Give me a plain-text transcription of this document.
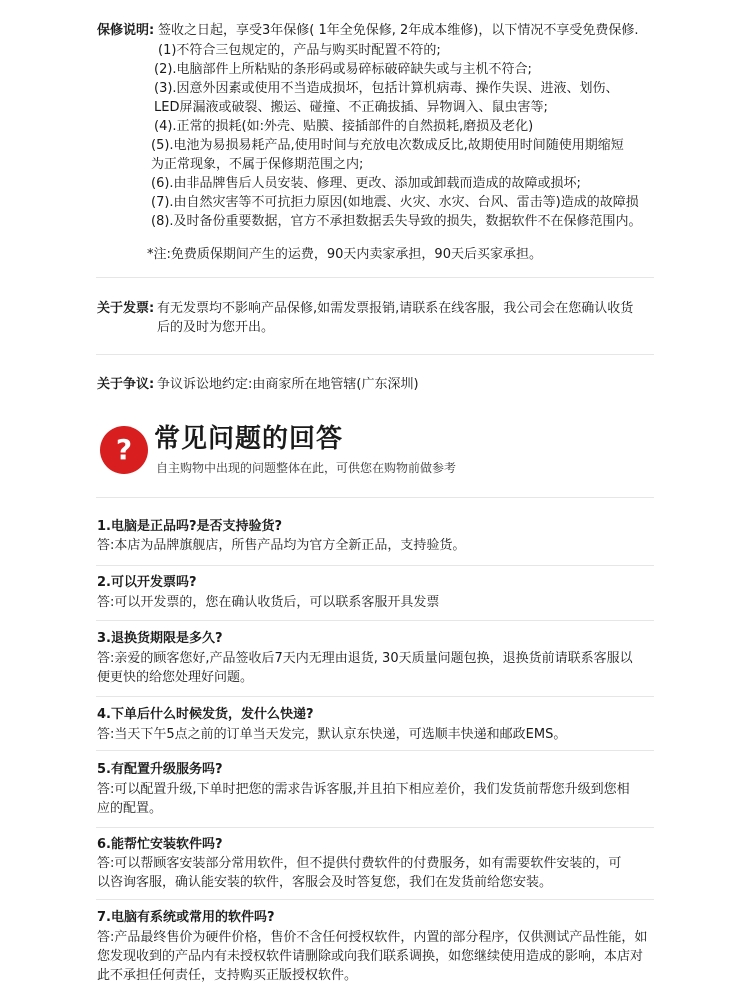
保修说明: 签收之日起，享受3年保修( 1年全免保修, 2年成本维修)，以下情况不享受免费保修.
(1)不符合三包规定的，产品与购买时配置不符的;
(2).电脑部件上所粘贴的条形码或易碎标破碎缺失或与主机不符合;
(3).因意外因素或使用不当造成损坏，包括计算机病毒、操作失误、进液、划伤、
LED屏漏液或破裂、搬运、碰撞、不正确拔插、异物调入、鼠虫害等;
(4).正常的损耗(如:外壳、贴膜、接插部件的自然损耗,磨损及老化)
(5).电池为易损易耗产品,使用时间与充放电次数成反比,故期使用时间随使用期缩短
为正常现象，不属于保修期范围之内;
(6).由非品牌售后人员安装、修理、更改、添加或卸载而造成的故障或损坏;
(7).由自然灾害等不可抗拒力原因(如地震、火灾、水灾、台风、雷击等)造成的故障损
(8).及时备份重要数据，官方不承担数据丢失导致的损失，数据软件不在保修范围内。
*注:免费质保期间产生的运费，90天内卖家承担，90天后买家承担。
关于发票: 有无发票均不影响产品保修,如需发票报销,请联系在线客服，我公司会在您确认收货
后的及时为您开出。
关于争议: 争议诉讼地约定:由商家所在地管辖(广东深圳)
? 常见问题的回答
自主购物中出现的问题整体在此，可供您在购物前做参考
1.电脑是正品吗?是否支持验货?
答:本店为品牌旗舰店，所售产品均为官方全新正品，支持验货。
2.可以开发票吗?
答:可以开发票的，您在确认收货后，可以联系客服开具发票
3.退换货期限是多久?
答:亲爱的顾客您好,产品签收后7天内无理由退货, 30天质量问题包换，退换货前请联系客服以
便更快的给您处理好问题。
4.下单后什么时候发货，发什么快递?
答:当天下午5点之前的订单当天发完，默认京东快递，可选顺丰快递和邮政EMS。
5.有配置升级服务吗?
答:可以配置升级,下单时把您的需求告诉客服,并且拍下相应差价，我们发货前帮您升级到您相
应的配置。
6.能帮忙安装软件吗?
答:可以帮顾客安装部分常用软件，但不提供付费软件的付费服务，如有需要软件安装的，可
以咨询客服，确认能安装的软件，客服会及时答复您，我们在发货前给您安装。
7.电脑有系统或常用的软件吗?
答:产品最终售价为硬件价格，售价不含任何授权软件，内置的部分程序，仅供测试产品性能，如
您发现收到的产品内有未授权软件请删除或向我们联系调换，如您继续使用造成的影响，本店对
此不承担任何责任，支持购买正版授权软件。
